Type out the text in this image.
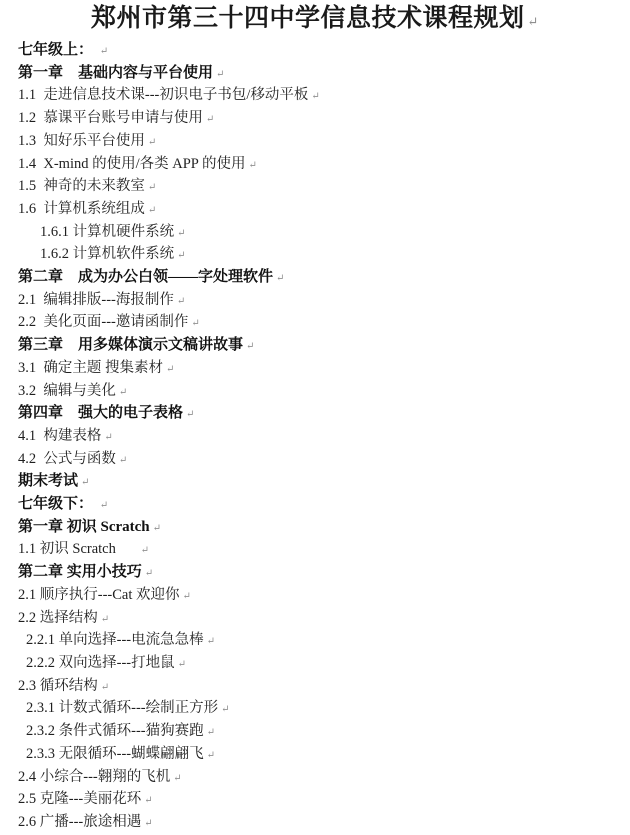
郑州市第三十四中学信息技术课程规划 ↵
七年级上： ↵
第一章　基础内容与平台使用 ↵
1.1  走进信息技术课---初识电子书包/移动平板 ↵
1.2  慕课平台账号申请与使用 ↵
1.3  知好乐平台使用 ↵
1.4  X-mind 的使用/各类 APP 的使用 ↵
1.5  神奇的未来教室 ↵
1.6  计算机系统组成 ↵
1.6.1 计算机硬件系统 ↵
1.6.2 计算机软件系统 ↵
第二章　成为办公白领——字处理软件 ↵
2.1  编辑排版---海报制作 ↵
2.2  美化页面---邀请函制作 ↵
第三章　用多媒体演示文稿讲故事 ↵
3.1  确定主题 搜集素材 ↵
3.2  编辑与美化 ↵
第四章　强大的电子表格 ↵
4.1  构建表格 ↵
4.2  公式与函数 ↵
期末考试 ↵
七年级下： ↵
第一章 初识 Scratch ↵
1.1 初识 Scratch      ↵
第二章 实用小技巧 ↵
2.1 顺序执行---Cat 欢迎你 ↵
2.2 选择结构 ↵
2.2.1 单向选择---电流急急棒 ↵
2.2.2 双向选择---打地鼠 ↵
2.3 循环结构 ↵
2.3.1 计数式循环---绘制正方形 ↵
2.3.2 条件式循环---猫狗赛跑 ↵
2.3.3 无限循环---蝴蝶翩翩飞 ↵
2.4 小综合---翱翔的飞机 ↵
2.5 克隆---美丽花环 ↵
2.6 广播---旅途相遇 ↵
